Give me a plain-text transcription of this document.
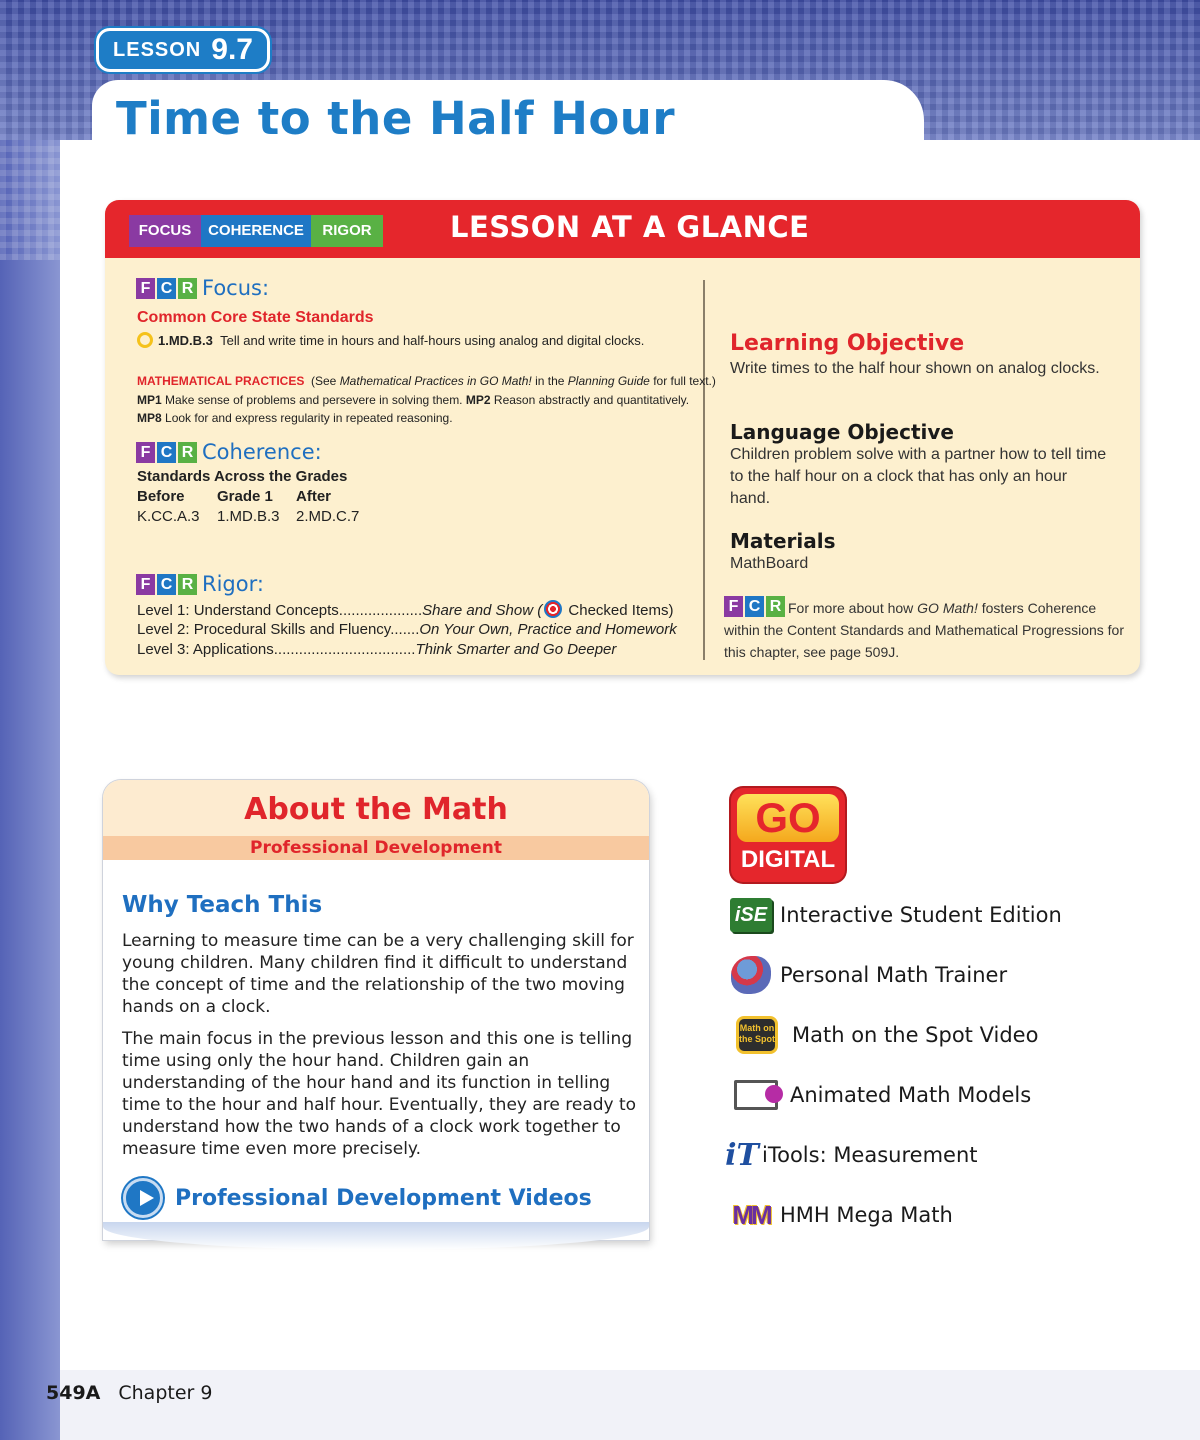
LESSON 9.7
Time to the Half Hour
FOCUS	COHERENCE	RIGOR	LESSON AT A GLANCE
F C R Focus:
Common Core State Standards
1.MD.B.3 Tell and write time in hours and half-hours using analog and digital clocks.
MATHEMATICAL PRACTICES (See Mathematical Practices in GO Math! in the Planning Guide for full text.)
MP1 Make sense of problems and persevere in solving them. MP2 Reason abstractly and quantitatively.
MP8 Look for and express regularity in repeated reasoning.
F C R Coherence:
Standards Across the Grades
Before Grade 1 After
K.CC.A.3 1.MD.B.3 2.MD.C.7
F C R Rigor:
Level 1: Understand Concepts....................Share and Show ( Checked Items)
Level 2: Procedural Skills and Fluency.......On Your Own, Practice and Homework
Level 3: Applications..................................Think Smarter and Go Deeper
Learning Objective
Write times to the half hour shown on analog clocks.
Language Objective
Children problem solve with a partner how to tell time to the half hour on a clock that has only an hour hand.
Materials
MathBoard
F C R For more about how GO Math! fosters Coherence within the Content Standards and Mathematical Progressions for this chapter, see page 509J.
About the Math
Professional Development
Why Teach This
Learning to measure time can be a very challenging skill for young children. Many children find it difficult to understand the concept of time and the relationship of the two moving hands on a clock.
The main focus in the previous lesson and this one is telling time using only the hour hand. Children gain an understanding of the hour hand and its function in telling time to the hour and half hour. Eventually, they are ready to understand how the two hands of a clock work together to measure time even more precisely.
Professional Development Videos
GO
DIGITAL
iSE Interactive Student Edition
Personal Math Trainer
Math on the Spot Math on the Spot Video
Animated Math Models
iT iTools: Measurement
MM HMH Mega Math
549A Chapter 9
